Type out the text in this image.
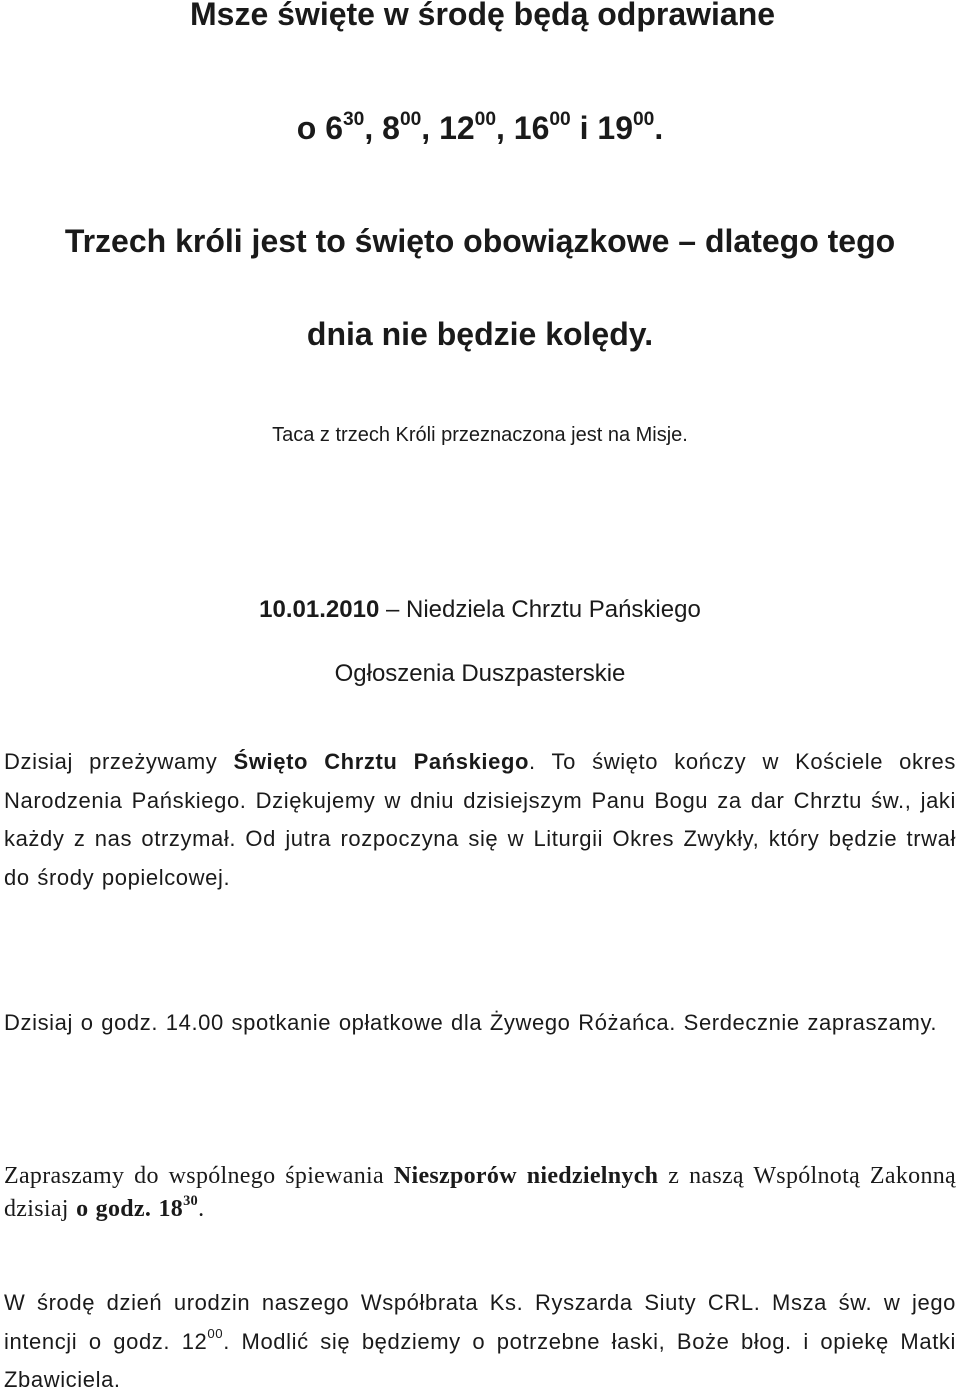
Msze święte w środę będą odprawiane

o $6^{30}$, $8^{00}$, $12^{00}$, $16^{00}$ i $19^{00}$.

Trzech króli jest to święto obowiązkowe – dlatego tego

dnia nie będzie kolędy.

Taca z trzech Króli przeznaczona jest na Misje.

10.01.2010 – Niedziela Chrztu Pańskiego

Ogłoszenia Duszpasterskie

Dzisiaj przeżywamy Święto Chrztu Pańskiego. To święto kończy w Kościele okres Narodzenia Pańskiego. Dziękujemy w dniu dzisiejszym Panu Bogu za dar Chrztu św., jaki każdy z nas otrzymał. Od jutra rozpoczyna się w Liturgii Okres Zwykły, który będzie trwał do środy popielcowej.

Dzisiaj o godz. 14.00 spotkanie opłatkowe dla Żywego Różańca. Serdecznie zapraszamy.

Zapraszamy do wspólnego śpiewania Nieszporów niedzielnych z naszą Wspólnotą Zakonną dzisiaj o godz. $18^{30}$.

W środę dzień urodzin naszego Współbrata Ks. Ryszarda Siuty CRL. Msza św. w jego intencji o godz. $12^{00}$. Modlić się będziemy o potrzebne łaski, Boże błog. i opiekę Matki Zbawiciela.
